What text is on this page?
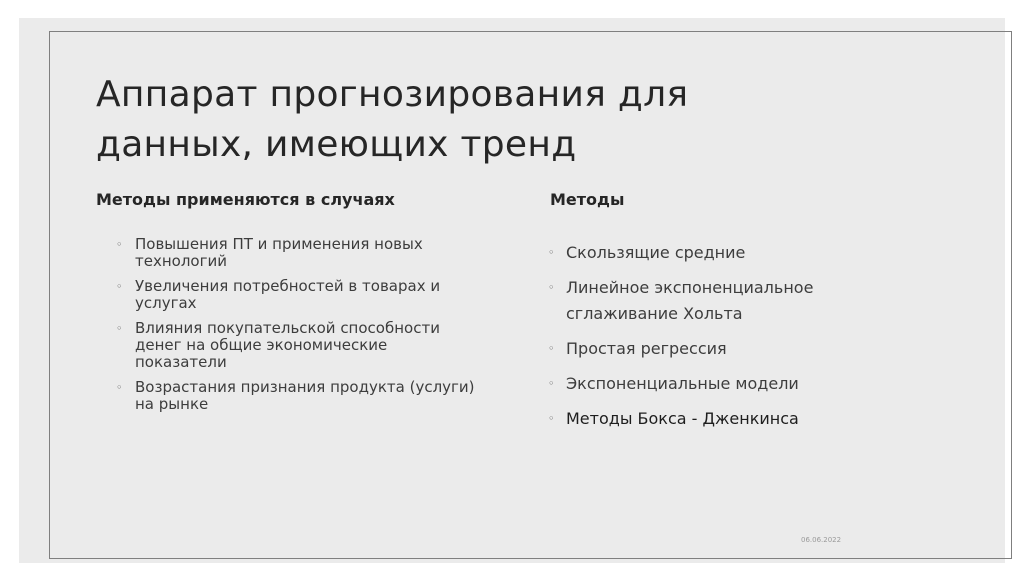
Аппарат прогнозирования для
данных, имеющих тренд
Методы применяются в случаях
◦ Повышения ПТ и применения новых технологий
◦ Увеличения потребностей в товарах и услугах
◦ Влияния покупательской способности денег на общие экономические показатели
◦ Возрастания признания продукта (услуги) на рынке
Методы
◦ Скользящие средние
◦ Линейное экспоненциальное сглаживание Хольта
◦ Простая регрессия
◦ Экспоненциальные модели
◦ Методы Бокса - Дженкинса
06.06.2022
